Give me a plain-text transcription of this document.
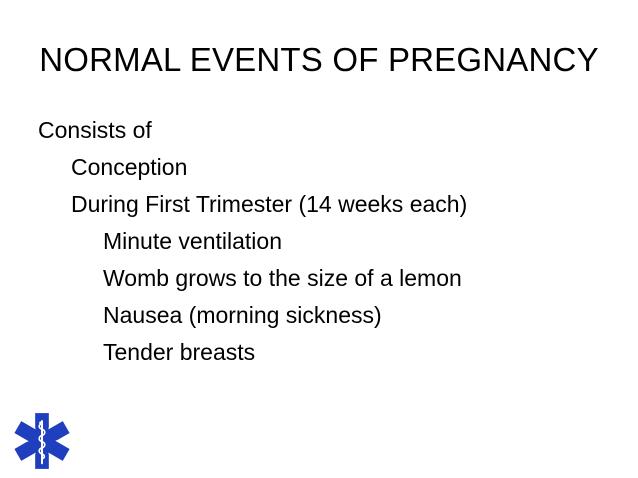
NORMAL EVENTS OF PREGNANCY
Consists of
Conception
During First Trimester (14 weeks each)
Minute ventilation
Womb grows to the size of a lemon
Nausea (morning sickness)
Tender breasts
